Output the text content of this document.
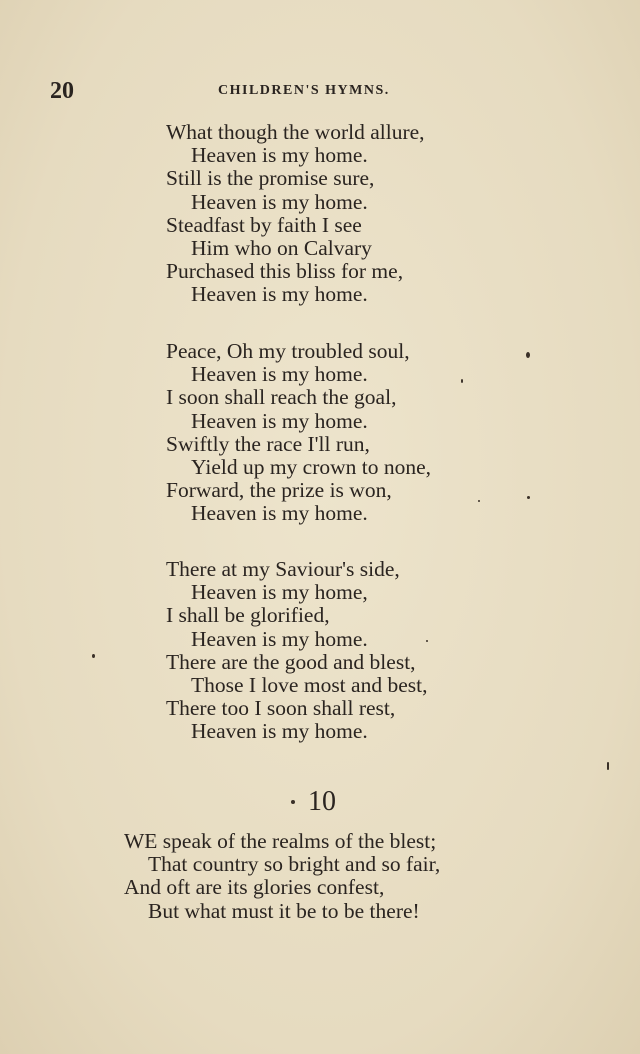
20	CHILDREN'S HYMNS.
What though the world allure,
Heaven is my home.
Still is the promise sure,
Heaven is my home.
Steadfast by faith I see
Him who on Calvary
Purchased this bliss for me,
Heaven is my home.
Peace, Oh my troubled soul,
Heaven is my home.
I soon shall reach the goal,
Heaven is my home.
Swiftly the race I'll run,
Yield up my crown to none,
Forward, the prize is won,
Heaven is my home.
There at my Saviour's side,
Heaven is my home,
I shall be glorified,
Heaven is my home.
There are the good and blest,
Those I love most and best,
There too I soon shall rest,
Heaven is my home.
10
WE speak of the realms of the blest;
That country so bright and so fair,
And oft are its glories confest,
But what must it be to be there!
